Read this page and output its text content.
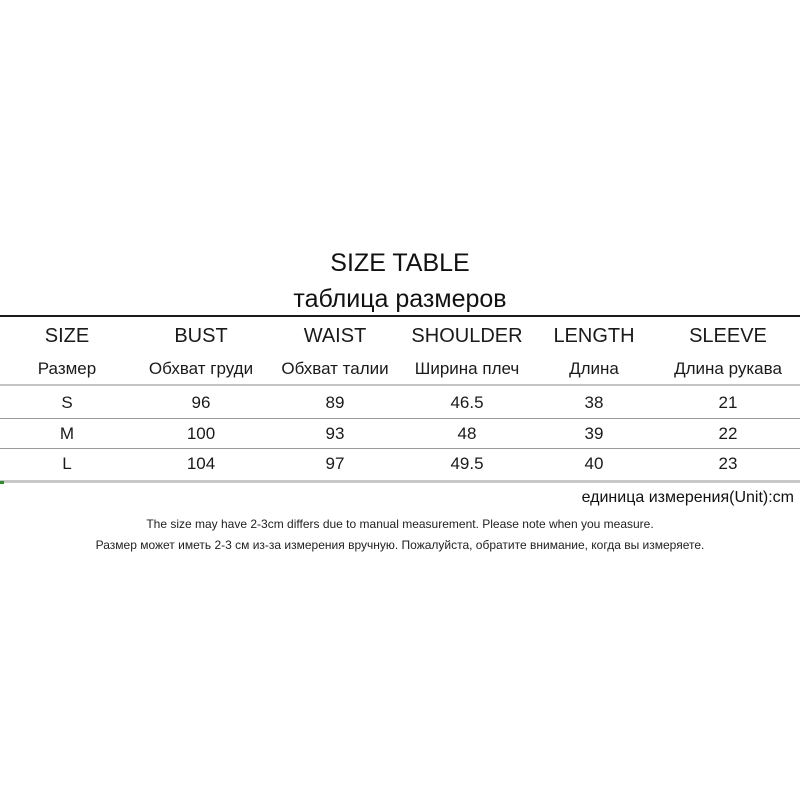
SIZE TABLE
таблица размеров
SIZE	BUST	WAIST	SHOULDER	LENGTH	SLEEVE
Размер	Обхват груди	Обхват талии	Ширина плеч	Длина	Длина рукава
S	96	89	46.5	38	21
M	100	93	48	39	22
L	104	97	49.5	40	23
единица измерения(Unit):cm
The size may have 2-3cm differs due to manual measurement. Please note when you measure.
Размер может иметь 2-3 см из-за измерения вручную. Пожалуйста, обратите внимание, когда вы измеряете.
